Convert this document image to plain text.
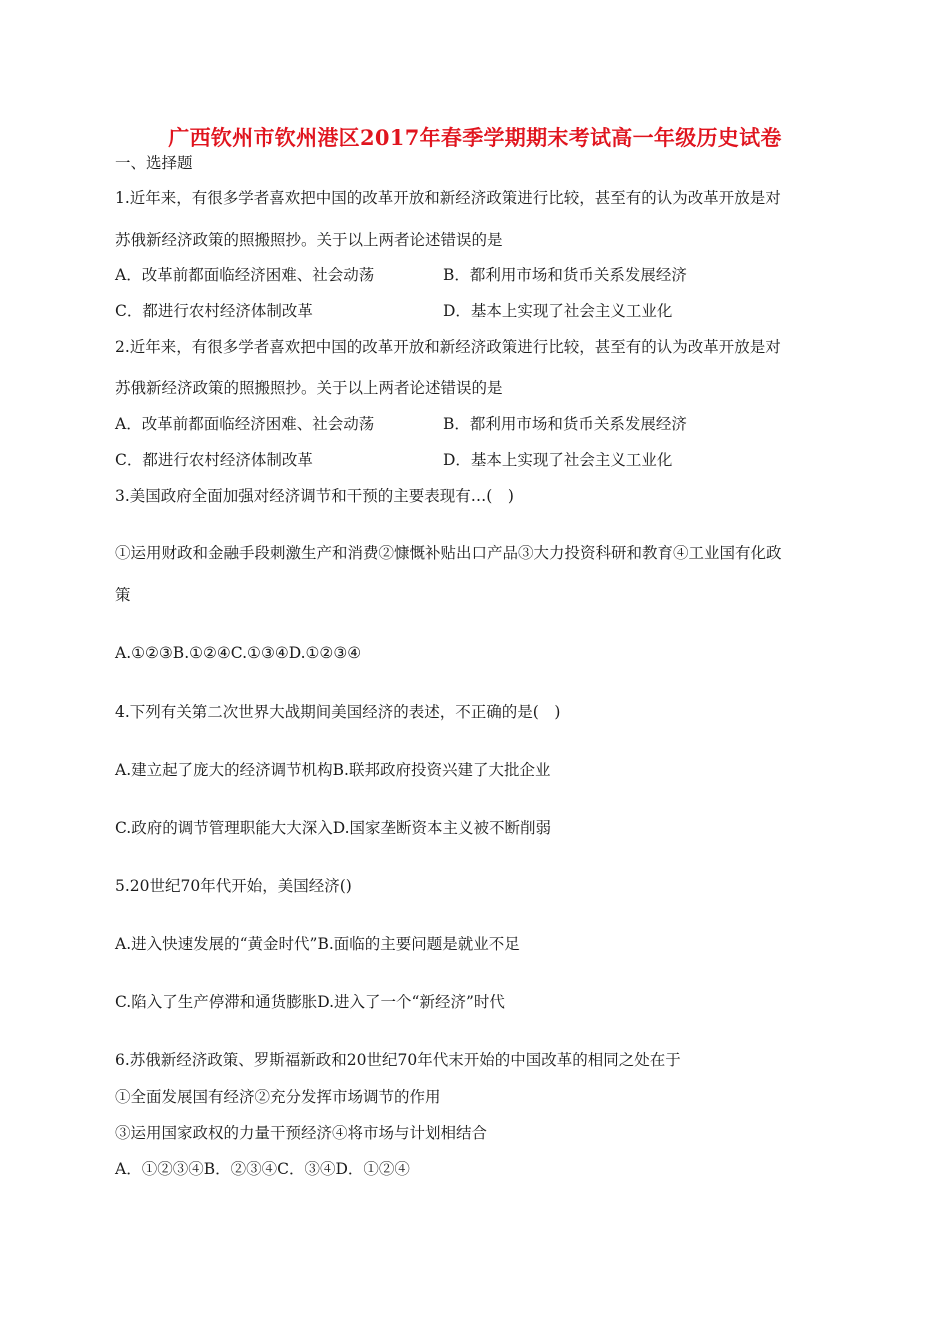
广西钦州市钦州港区2017年春季学期期末考试高一年级历史试卷
一、选择题
1.近年来，有很多学者喜欢把中国的改革开放和新经济政策进行比较，甚至有的认为改革开放是对
苏俄新经济政策的照搬照抄。关于以上两者论述错误的是
A．改革前都面临经济困难、社会动荡	B．都利用市场和货币关系发展经济
C．都进行农村经济体制改革	D．基本上实现了社会主义工业化
2.近年来，有很多学者喜欢把中国的改革开放和新经济政策进行比较，甚至有的认为改革开放是对
苏俄新经济政策的照搬照抄。关于以上两者论述错误的是
A．改革前都面临经济困难、社会动荡	B．都利用市场和货币关系发展经济
C．都进行农村经济体制改革	D．基本上实现了社会主义工业化
3.美国政府全面加强对经济调节和干预的主要表现有…(　)
①运用财政和金融手段刺激生产和消费②慷慨补贴出口产品③大力投资科研和教育④工业国有化政
策
A.①②③B.①②④C.①③④D.①②③④
4.下列有关第二次世界大战期间美国经济的表述，不正确的是(　)
A.建立起了庞大的经济调节机构B.联邦政府投资兴建了大批企业
C.政府的调节管理职能大大深入D.国家垄断资本主义被不断削弱
5.20世纪70年代开始，美国经济()
A.进入快速发展的“黄金时代”B.面临的主要问题是就业不足
C.陷入了生产停滞和通货膨胀D.进入了一个“新经济”时代
6.苏俄新经济政策、罗斯福新政和20世纪70年代末开始的中国改革的相同之处在于
①全面发展国有经济②充分发挥市场调节的作用
③运用国家政权的力量干预经济④将市场与计划相结合
A．①②③④B．②③④C．③④D．①②④
